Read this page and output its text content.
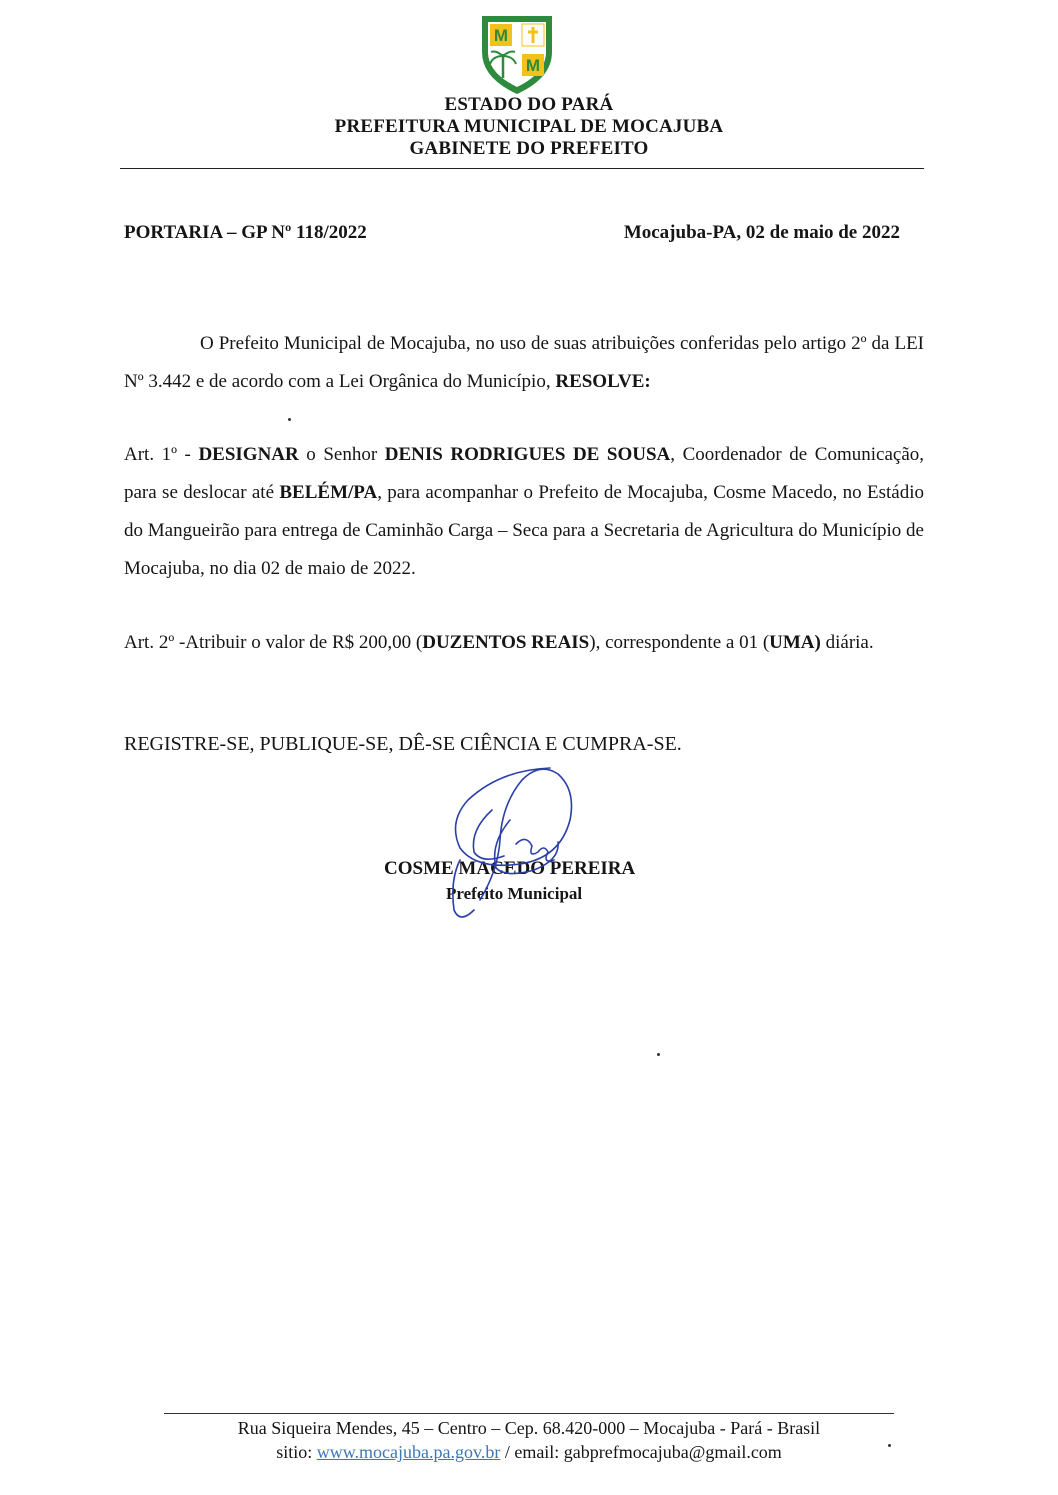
M
M
ESTADO DO PARÁ
PREFEITURA MUNICIPAL DE MOCAJUBA
GABINETE DO PREFEITO
PORTARIA – GP Nº 118/2022	Mocajuba-PA, 02 de maio de 2022
O Prefeito Municipal de Mocajuba, no uso de suas atribuições conferidas pelo artigo 2º da LEI Nº 3.442 e de acordo com a Lei Orgânica do Município, RESOLVE:
Art. 1º - DESIGNAR o Senhor DENIS RODRIGUES DE SOUSA, Coordenador de Comunicação, para se deslocar até BELÉM/PA, para acompanhar o Prefeito de Mocajuba, Cosme Macedo, no Estádio do Mangueirão para entrega de Caminhão Carga – Seca para a Secretaria de Agricultura do Município de Mocajuba, no dia 02 de maio de 2022.
Art. 2º -Atribuir o valor de R$ 200,00 (DUZENTOS REAIS), correspondente a 01 (UMA) diária.
REGISTRE-SE, PUBLIQUE-SE, DÊ-SE CIÊNCIA E CUMPRA-SE.
COSME MACEDO PEREIRA
Prefeito Municipal
Rua Siqueira Mendes, 45 – Centro – Cep. 68.420-000 – Mocajuba - Pará - Brasil
sitio: www.mocajuba.pa.gov.br / email: gabprefmocajuba@gmail.com
